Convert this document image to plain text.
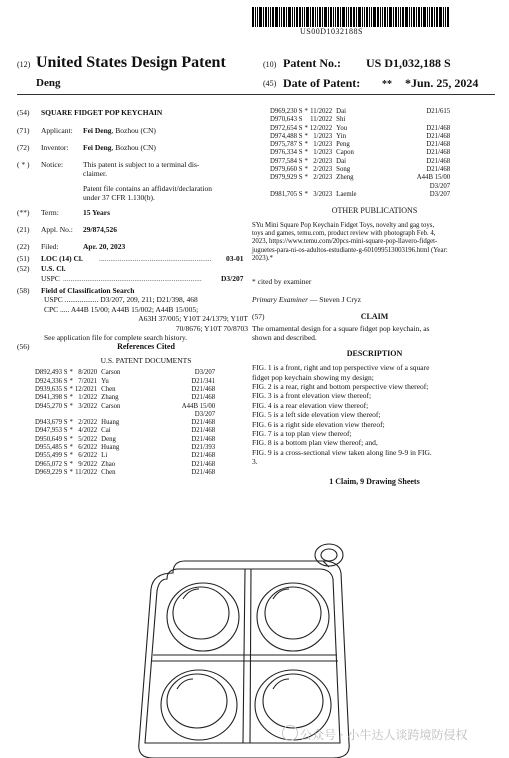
US00D1032188S
(12) United States Design Patent	(10) Patent No.: US D1,032,188 S
Deng	(45) Date of Patent: ** *Jun. 25, 2024
(54) SQUARE FIDGET POP KEYCHAIN
(71) Applicant: Fei Deng, Bozhou (CN)
(72) Inventor: Fei Deng, Bozhou (CN)
( * ) Notice:	This patent is subject to a terminal dis-
claimer.
Patent file contains an affidavit/declaration
under 37 CFR 1.130(b).
(**) Term:	15 Years
(21) Appl. No.: 29/874,526
(22) Filed:	Apr. 20, 2023
(51) LOC (14) Cl. ............................................................ 03-01
(52) U.S. Cl.
USPC ..........................................................................	D3/207
(58) Field of Classification Search
USPC .................. D3/207, 209, 211; D21/398, 468
CPC ..... A44B 15/00; A44B 15/002; A44B 15/005;
A63H 37/005; Y10T 24/1379; Y10T
70/8676; Y10T 70/8703
See application file for complete search history.
(56)	References Cited
U.S. PATENT DOCUMENTS
D892,493 S	*	8/2020	Carson	D3/207
D924,336 S	*	7/2021	Yu	D21/341
D939,635 S	*	12/2021	Chen	D21/468
D941,398 S	*	1/2022	Zhang	D21/468
D945,270 S	*	3/2022	Carson	A44B 15/00
				D3/207
D943,679 S	*	2/2022	Huang	D21/468
D947,953 S	*	4/2022	Cai	D21/468
D950,649 S	*	5/2022	Deng	D21/468
D955,485 S	*	6/2022	Huang	D21/393
D955,499 S	*	6/2022	Li	D21/468
D965,072 S	*	9/2022	Zhao	D21/468
D969,229 S	*	11/2022	Chen	D21/468
D969,230 S	*	11/2022	Dai	D21/615
D970,643 S		11/2022	Shi	
D972,654 S	*	12/2022	You	D21/468
D974,488 S	*	1/2023	Yin	D21/468
D975,787 S	*	1/2023	Peng	D21/468
D976,334 S	*	1/2023	Capon	D21/468
D977,584 S	*	2/2023	Dai	D21/468
D979,660 S	*	2/2023	Song	D21/468
D979,929 S	*	2/2023	Zheng	A44B 15/00
				D3/207
D981,705 S	*	3/2023	Laemle	D3/207
OTHER PUBLICATIONS
SYu Mini Square Pop Keychain Fidget Toys, novelty and gag toys,
toys and games, temu.com, product review with photograph Feb. 4,
2023, https://www.temu.com/20pcs-mini-square-pop-llavero-fidget-
juguetes-para-ni-os-adultos-estudiante-g-601099513003196.html (Year:
2023).*
* cited by examiner
Primary Examiner — Steven J Cryz
(57)	CLAIM
The ornamental design for a square fidget pop keychain, as
shown and described.
DESCRIPTION
FIG. 1 is a front, right and top perspective view of a square
fidget pop keychain showing my design;
FIG. 2 is a rear, right and bottom perspective view thereof;
FIG. 3 is a front elevation view thereof;
FIG. 4 is a rear elevation view thereof;
FIG. 5 is a left side elevation view thereof;
FIG. 6 is a right side elevation view thereof;
FIG. 7 is a top plan view thereof;
FIG. 8 is a bottom plan view thereof; and,
FIG. 9 is a cross-sectional view taken along line 9-9 in FIG.
3.
1 Claim, 9 Drawing Sheets
公众号 · 小牛达人谈跨境防侵权
